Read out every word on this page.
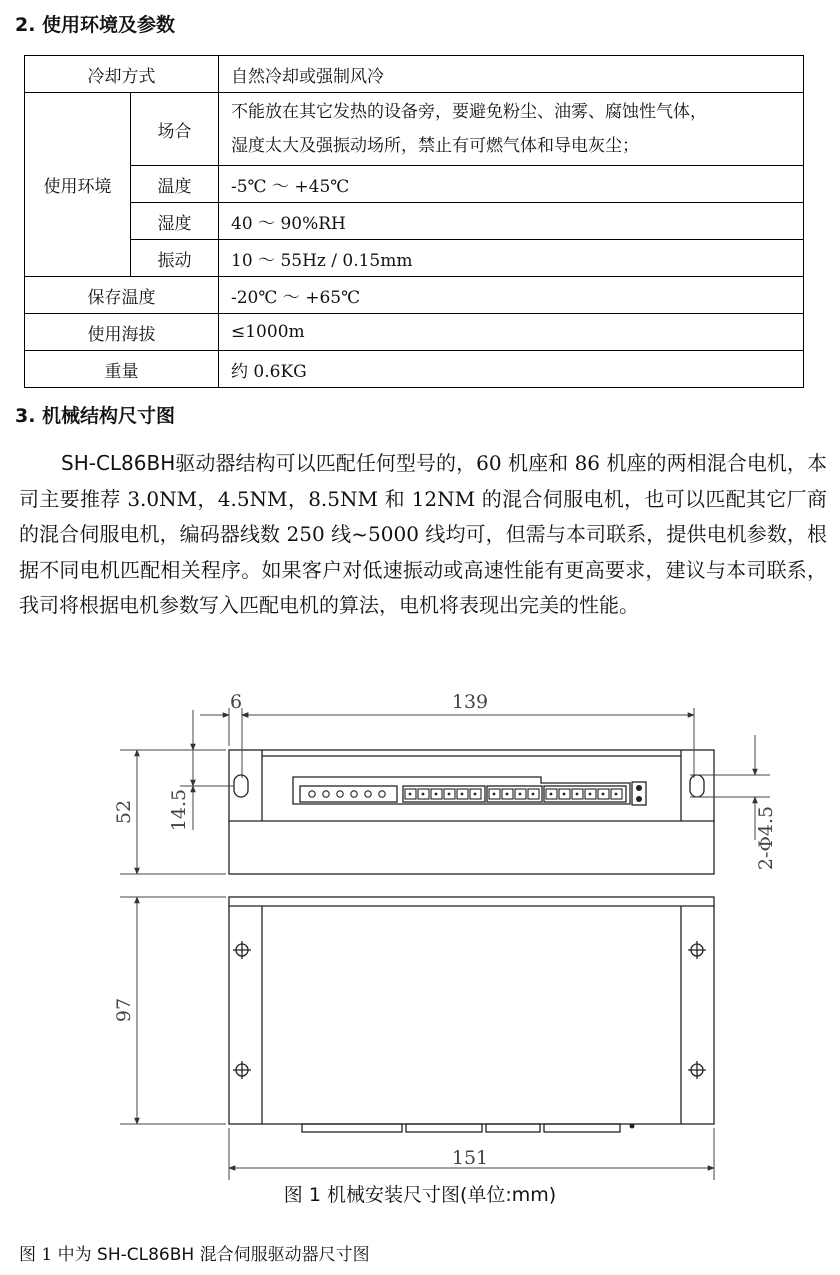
2. 使用环境及参数
冷却方式		自然冷却或强制风冷
使用环境	场合	不能放在其它发热的设备旁，要避免粉尘、油雾、腐蚀性气体，
湿度太大及强振动场所，禁止有可燃气体和导电灰尘；

	温度	-5℃ ～ +45℃
	湿度	40 ～ 90%RH
	振动	10 ～ 55Hz / 0.15mm
保存温度		-20℃ ～ +65℃
使用海拔		≤1000m
重量		约 0.6KG
3. 机械结构尺寸图
SH-CL86BH驱动器结构可以匹配任何型号的，60 机座和 86 机座的两相混合电机，本司主要推荐 3.0NM，4.5NM，8.5NM 和 12NM 的混合伺服电机，也可以匹配其它厂商的混合伺服电机，编码器线数 250 线~5000 线均可，但需与本司联系，提供电机参数，根据不同电机匹配相关程序。如果客户对低速振动或高速性能有更高要求，建议与本司联系，我司将根据电机参数写入匹配电机的算法，电机将表现出完美的性能。
6	139
52 14.5	2-Φ4.5
97
151
图 1 机械安装尺寸图(单位:mm)
图 1 中为 SH-CL86BH 混合伺服驱动器尺寸图
